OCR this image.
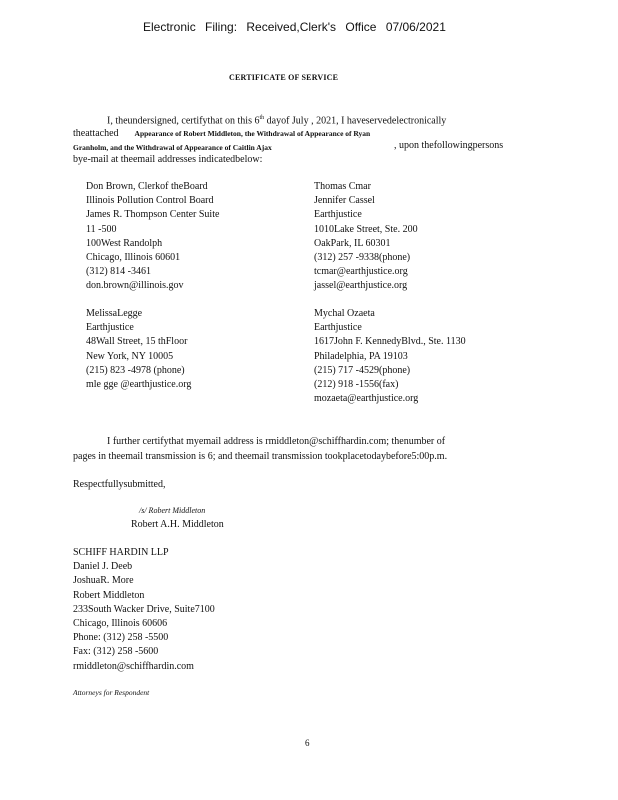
Electronic Filing: Received,Clerk's Office 07/06/2021
CERTIFICATE OF SERVICE
I, theundersigned, certifythat on this 6th dayof July , 2021, I haveservedelectronically
theattached Appearance of Robert Middleton, the Withdrawal of Appearance of Ryan
Granholm, and the Withdrawal of Appearance of Caitlin Ajax	, upon thefollowingpersons
bye-mail at theemail addresses indicatedbelow:
Don Brown, Clerkof theBoard
Illinois Pollution Control Board
James R. Thompson Center Suite
11 -500
100West Randolph
Chicago, Illinois 60601
(312) 814 -3461
don.brown@illinois.gov
Thomas Cmar
Jennifer Cassel
Earthjustice
1010Lake Street, Ste. 200
OakPark, IL 60301
(312) 257 -9338(phone)
tcmar@earthjustice.org
jassel@earthjustice.org
MelissaLegge
Earthjustice
48Wall Street, 15 thFloor
New York, NY 10005
(215) 823 -4978 (phone)
mle gge @earthjustice.org
Mychal Ozaeta
Earthjustice
1617John F. KennedyBlvd., Ste. 1130
Philadelphia, PA 19103
(215) 717 -4529(phone)
(212) 918 -1556(fax)
mozaeta@earthjustice.org
I further certifythat myemail address is rmiddleton@schiffhardin.com; thenumber of
pages in theemail transmission is 6; and theemail transmission tookplacetodaybefore5:00p.m.
Respectfullysubmitted,
/s/ Robert Middleton
Robert A.H. Middleton
SCHIFF HARDIN LLP
Daniel J. Deeb
JoshuaR. More
Robert Middleton
233South Wacker Drive, Suite7100
Chicago, Illinois 60606
Phone: (312) 258 -5500
Fax: (312) 258 -5600
rmiddleton@schiffhardin.com
Attorneys for Respondent
6
